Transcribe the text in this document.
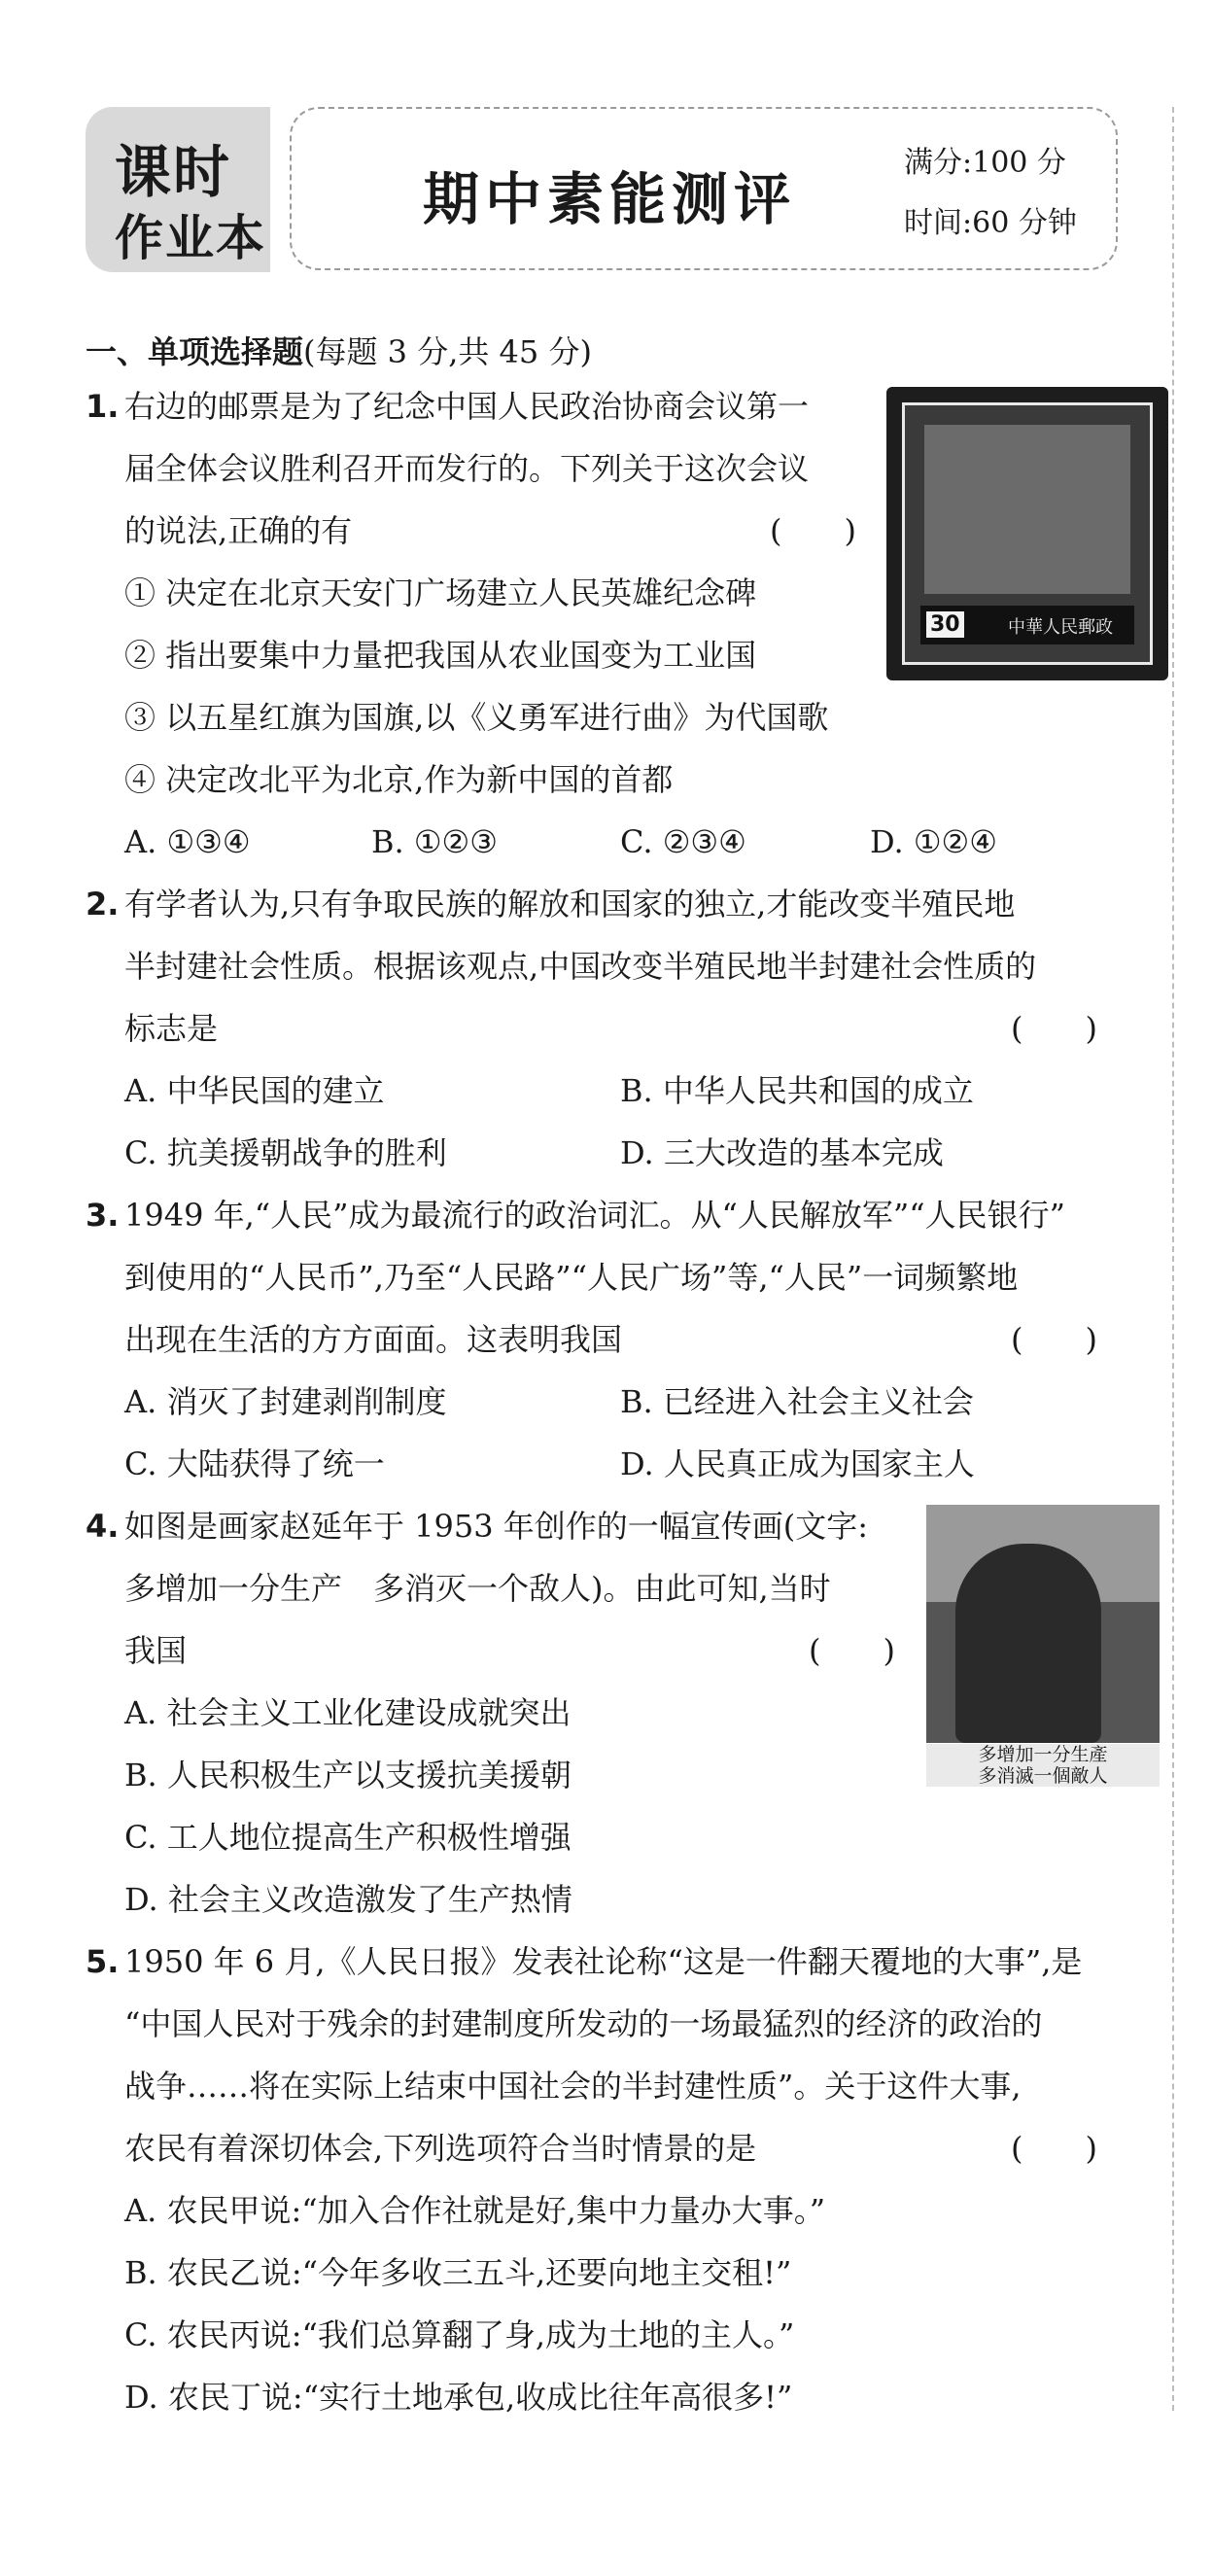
课时
作业本
期中素能测评
满分:100 分
时间:60 分钟
一、单项选择题(每题 3 分,共 45 分)
1. 右边的邮票是为了纪念中国人民政治协商会议第一
届全体会议胜利召开而发行的。下列关于这次会议
的说法,正确的有	(　　)
① 决定在北京天安门广场建立人民英雄纪念碑
② 指出要集中力量把我国从农业国变为工业国
③ 以五星红旗为国旗,以《义勇军进行曲》为代国歌
④ 决定改北平为北京,作为新中国的首都
A. ①③④	B. ①②③	C. ②③④	D. ①②④
30	中華人民郵政
2. 有学者认为,只有争取民族的解放和国家的独立,才能改变半殖民地
半封建社会性质。根据该观点,中国改变半殖民地半封建社会性质的
标志是	(　　)
A. 中华民国的建立	B. 中华人民共和国的成立
C. 抗美援朝战争的胜利	D. 三大改造的基本完成
3. 1949 年,“人民”成为最流行的政治词汇。从“人民解放军”“人民银行”
到使用的“人民币”,乃至“人民路”“人民广场”等,“人民”一词频繁地
出现在生活的方方面面。这表明我国	(　　)
A. 消灭了封建剥削制度	B. 已经进入社会主义社会
C. 大陆获得了统一	D. 人民真正成为国家主人
4. 如图是画家赵延年于 1953 年创作的一幅宣传画(文字:
多增加一分生产　多消灭一个敌人)。由此可知,当时
我国	(　　)
A. 社会主义工业化建设成就突出
B. 人民积极生产以支援抗美援朝
C. 工人地位提高生产积极性增强
D. 社会主义改造激发了生产热情
多增加一分生產
多消滅一個敵人
5. 1950 年 6 月,《人民日报》发表社论称“这是一件翻天覆地的大事”,是
“中国人民对于残余的封建制度所发动的一场最猛烈的经济的政治的
战争……将在实际上结束中国社会的半封建性质”。关于这件大事,
农民有着深切体会,下列选项符合当时情景的是	(　　)
A. 农民甲说:“加入合作社就是好,集中力量办大事。”
B. 农民乙说:“今年多收三五斗,还要向地主交租!”
C. 农民丙说:“我们总算翻了身,成为土地的主人。”
D. 农民丁说:“实行土地承包,收成比往年高很多!”
